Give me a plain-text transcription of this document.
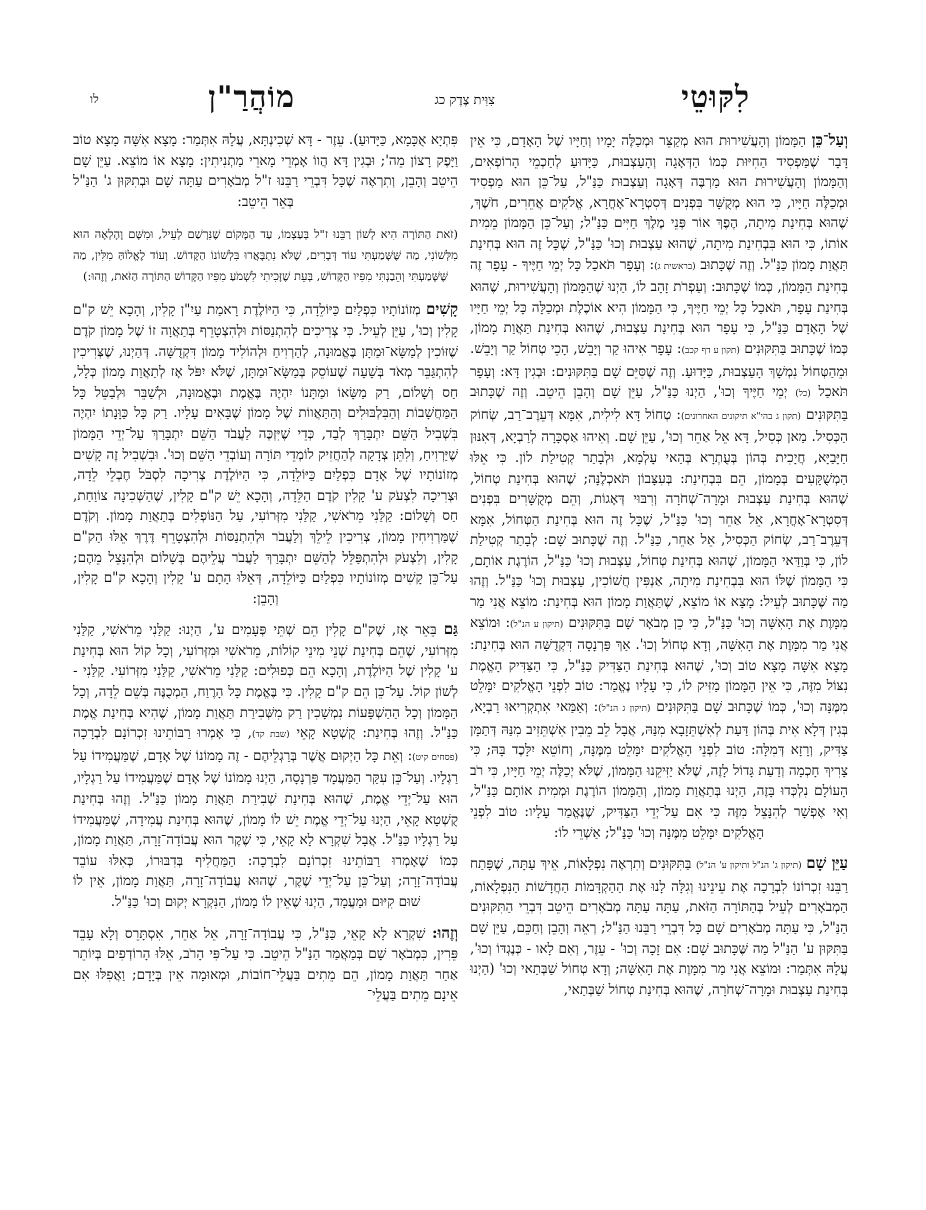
לִקּוּטֵי
צִוִּית צֶדֶק כג
מוֹהֲרַ"ן
לו

וְעַל־כֵּן הַמָּמוֹן וְהָעֲשִׁירוּת הוּא מְקַצֵּר וּמְכַלֶּה יָמָיו וְחַיָּיו שֶׁל הָאָדָם, כִּי אֵין דָּבָר שֶׁמַּפְסִיד הַחִיּוּת כְּמוֹ הַדְּאָגָה וְהָעַצְבוּת, כַּיָּדוּעַ לְחַכְמֵי הָרוֹפְאִים, וְהַמָּמוֹן וְהָעֲשִׁירוּת הוּא מַרְבֶּה דְּאָגָה וְעַצְבוּת כַּנַּ"ל, עַל־כֵּן הוּא מַפְסִיד וּמְכַלֶּה חַיָּיו, כִּי הוּא מְקֻשָּׁר בִּפְנִים דְּסִטְרָא־אָחֳרָא, אֱלֹקִים אֲחֵרִים, חֹשֶׁךְ, שֶׁהוּא בְּחִינַת מִיתָה, הֶפֶךְ אוֹר פְּנֵי מֶלֶךְ חַיִּים כַּנַּ"ל; וְעַל־כֵּן הַמָּמוֹן מֵמִית אוֹתוֹ, כִּי הוּא בִּבְחִינַת מִיתָה, שֶׁהוּא עַצְבוּת וְכוּ' כַּנַּ"ל, שֶׁכָּל זֶה הוּא בְּחִינַת תַּאֲוַת מָמוֹן כַּנַּ"ל. וְזֶה שֶׁכָּתוּב (בראשית ג): וְעָפָר תֹּאכַל כָּל יְמֵי חַיֶּיךָ - עָפָר זֶה בְּחִינַת הַמָּמוֹן, כְּמוֹ שֶׁכָּתוּב: וְעַפְרֹת זָהָב לוֹ, הַיְנוּ שֶׁהַמָּמוֹן וְהָעֲשִׁירוּת, שֶׁהוּא בְּחִינַת עָפָר, תֹּאכַל כָּל יְמֵי חַיֶּיךָ, כִּי הַמָּמוֹן הִיא אוֹכֶלֶת וּמְכַלָּה כָּל יְמֵי חַיָּיו שֶׁל הָאָדָם כַּנַּ"ל, כִּי עָפָר הוּא בְּחִינַת עַצְבוּת, שֶׁהוּא בְּחִינַת תַּאֲוַת מָמוֹן, כְּמוֹ שֶׁכָּתוּב בַּתִּקּוּנִים (תקון ע דף קכב): עָפָר אִיהוּ קַר וְיָבֵשׁ, הָכֵי טְחוֹל קַר וְיָבֵשׁ. וּמֵהַטְּחוֹל נִמְשָׁךְ הָעַצְבוּת, כַּיָּדוּעַ. וְזֶה שֶׁסִּיֵּם שָׁם בַּתִּקּוּנִים: וּבְגִין דָּא: וְעָפָר תֹּאכַל (כל) יְמֵי חַיֶּיךָ וְכוּ', הַיְנוּ כַּנַּ"ל, עַיֵּן שָׁם וְהָבֵן הֵיטֵב. וְזֶה שֶׁכָּתוּב בַּתִּקּוּנִים (תקון ג בהי"א תיקונים האחרונים): טְחוֹל דָּא לִילִית, אִמָּא דְּעֵרֶב־רַב, שְׂחוֹק הַכְּסִיל. מַאן כְּסִיל, דָּא אֵל אַחֵר וְכוּ', עַיֵּן שָׁם. וְאִיהוּ אַסְכָּרָה לְרַבְיָא, דְּאִנּוּן חַיָּבַיָּא, חֲיָכִית בְּהוֹן בְּעֻתְרָא בְּהַאי עָלְמָא, וּלְבָתַר קְטִילַת לוֹן. כִּי אֵלּוּ הַמְשֻׁקָּעִים בְּמָמוֹן, הֵם בִּבְחִינַת: בְּעִצָּבוֹן תֹּאכְלֶנָּה; שֶׁהוּא בְּחִינַת טְחוֹל, שֶׁהוּא בְּחִינַת עַצְבוּת וּמָרָה־שְׁחֹרָה וְרִבּוּי דְּאָגוֹת, וְהֵם מְקֻשָּׁרִים בִּפְנִים דְּסִטְרָא־אָחֳרָא, אֵל אַחֵר וְכוּ' כַּנַּ"ל, שֶׁכָּל זֶה הוּא בְּחִינַת הַטְּחוֹל, אִמָּא דְּעֵרֶב־רַב, שְׂחוֹק הַכְּסִיל, אֵל אַחֵר, כַּנַּ"ל. וְזֶה שֶׁכָּתוּב שָׁם: לְבָתַר קְטִילַת לוֹן, כִּי בְּוַדַּאי הַמָּמוֹן, שֶׁהוּא בְּחִינַת טְחוֹל, עַצְבוּת וְכוּ' כַּנַּ"ל, הוֹרֶגֶת אוֹתָם, כִּי הַמָּמוֹן שֶׁלּוֹ הוּא בִּבְחִינַת מִיתָה, אַנְפִּין חֲשׁוֹכִין, עַצְבוּת וְכוּ' כַּנַּ"ל. וְזֶהוּ מַה שֶּׁכָּתוּב לְעֵיל: מָצָא אוֹ מוֹצֵא, שֶׁתַּאֲוַת מָמוֹן הוּא בְּחִינַת: מוֹצֵא אֲנִי מַר מִמָּוֶת אֶת הָאִשָּׁה וְכוּ' כַּנַּ"ל, כִּי כֵן מְבֹאָר שָׁם בַּתִּקּוּנִים (תיקון ע הנ"ל): וּמוֹצֵא אֲנִי מַר מִמָּוֶת אֶת הָאִשָּׁה, וְדָא טְחוֹל וְכוּ'. אַךְ פַּרְנָסָה דִּקְדֻשָּׁה הוּא בְּחִינַת: מָצָא אִשָּׁה מָצָא טוֹב וְכוּ', שֶׁהוּא בְּחִינַת הַצַּדִּיק כַּנַּ"ל, כִּי הַצַּדִּיק הָאֱמֶת נִצּוֹל מִזֶּה, כִּי אֵין הַמָּמוֹן מַזִּיק לוֹ, כִּי עָלָיו נֶאֱמַר: טוֹב לִפְנֵי הָאֱלֹקִים יִמָּלֵט מִמֶּנָּה וְכוּ', כְּמוֹ שֶׁכָּתוּב שָׁם בַּתִּקּוּנִים (תיקון ג הנ"ל): וְאַמַּאי אִתְקְרִיאוּ רַבְיָא, בְּגִין דְּלָא אִית בְּהוֹן דַּעַת לְאִשְׁתֵּזָבָא מִנַּהּ, אֲבָל לֵב מֵבִין אִשְׁתֵּזִיב מִנַּהּ דְּתַמָּן צַדִּיק, וְרָזָא דְּמִלָּה: טוֹב לִפְנֵי הָאֱלֹקִים יִמָּלֵט מִמֶּנָּה, וְחוֹטֵא יִלָּכֶד בָּהּ; כִּי צָרִיךְ חָכְמָה וְדַעַת גָּדוֹל לָזֶה, שֶׁלֹּא יַזִּיקֵנוּ הַמָּמוֹן, שֶׁלֹּא יְכַלֶּה יְמֵי חַיָּיו, כִּי רֹב הָעוֹלָם נִלְכְּדוּ בָּזֶה, הַיְנוּ בְּתַאֲוַת מָמוֹן, וְהַמָּמוֹן הוֹרֶגֶת וּמְמִית אוֹתָם כַּנַּ"ל, וְאִי אֶפְשָׁר לְהִנָּצֵל מִזֶּה כִּי אִם עַל־יְדֵי הַצַּדִּיק, שֶׁנֶּאֱמַר עָלָיו: טוֹב לִפְנֵי הָאֱלֹקִים יִמָּלֵט מִמֶּנָּה וְכוּ' כַּנַּ"ל; אַשְׁרֵי לוֹ:

עַיֵּן שָׁם (תיקון ג' הנ"ל ותיקון ע' הנ"ל) בַּתִּקּוּנִים וְתִרְאֶה נִפְלָאוֹת, אֵיךְ עַתָּה, שֶׁפָּתַח רַבֵּנוּ זִכְרוֹנוֹ לִבְרָכָה אֶת עֵינֵינוּ וְגִלָּה לָנוּ אֶת הַהַקְדָּמוֹת הַחֲדָשׁוֹת הַנִּפְלָאוֹת, הַמְבֹאָרִים לְעֵיל בְּהַתּוֹרָה הַזֹּאת, עַתָּה עַתָּה מְבֹאָרִים הֵיטֵב דִּבְרֵי הַתִּקּוּנִים הַנַּ"ל, כִּי עַתָּה מְבֹאָרִים שָׁם כָּל דִּבְרֵי רַבֵּנוּ הַנַּ"ל; רְאֵה וְהָבֵן וְחַכֵּם, עַיֵּן שָׁם בַּתִּקּוּן ע' הַנַּ"ל מַה שֶּׁכָּתוּב שָׁם: אִם זָכָה וְכוּ' - עֵזֶר, וְאִם לָאו - כְּנֶגְדּוֹ וְכוּ', עֲלָהּ אִתְּמַר: וּמוֹצֵא אֲנִי מַר מִמָּוֶת אֶת הָאִשָּׁה; וְדָא טְחוֹל שַׁבְּתַאי וְכוּ' (הַיְנוּ בְּחִינַת עַצְבוּת וּמָרָה־שְׁחֹרָה, שֶׁהוּא בְּחִינַת טְחוֹל שַׁבְּתַאי,

פִּתְיָא אֻכָּמָא, כַּיָּדוּעַ). עֵזֶר - דָּא שְׁכִינְתָּא, עֲלָהּ אִתְּמַר: מָצָא אִשָּׁה מָצָא טוֹב וַיָּפֶק רָצוֹן מֵה'; וּבְגִין דָּא הֲווֹ אָמְרֵי מָארֵי מַתְנִיתִין: מָצָא אוֹ מוֹצֵא. עַיֵּן שָׁם הֵיטֵב וְהָבֵן, וְתִרְאֶה שֶׁכָּל דִּבְרֵי רַבֵּנוּ ז"ל מְבֹאָרִים עַתָּה שָׁם וּבְתִקּוּן ג' הַנַּ"ל בְּאֵר הֵיטֵב:

(זֹאת הַתּוֹרָה הִיא לְשׁוֹן רַבֵּנוּ ז"ל בְּעַצְמוֹ, עַד הַמָּקוֹם שֶׁנִּרְשַׁם לְעֵיל, וּמִשָּׁם וָהָלְאָה הוּא מִלְּשׁוֹנִי, מַה שֶּׁשָּׁמַעְתִּי עוֹד דְּבָרִים, שֶׁלֹּא נִתְבָּאֲרוּ בִּלְשׁוֹנוֹ הַקָּדוֹשׁ. וְעוֹד לֶאֱלוֹהַּ מִלִּין, מַה שֶּׁשָּׁמַעְתִּי וְהֵבַנְתִּי מִפִּיו הַקָּדוֹשׁ, בְּעֵת שֶׁזָּכִיתִי לִשְׁמֹעַ מִפִּיו הַקָּדוֹשׁ הַתּוֹרָה הַזֹּאת, וְזֶהוּ:)

קָשִׁים מְזוֹנוֹתָיו כִּפְלַיִם כַּיּוֹלֵדָה, כִּי הַיּוֹלֶדֶת רָאמַת עַיִ"ן קָלִין, וְהָכָא יֵשׁ ק"ם קָלִין וְכוּ', עַיֵּן לְעֵיל. כִּי צְרִיכִים לְהִתְנַסּוֹת וּלְהִצְטָרֵף בְּתַאֲוָה זוֹ שֶׁל מָמוֹן קֹדֶם שֶׁזּוֹכִין לְמַשָּׂא־וּמַתָּן בֶּאֱמוּנָה, לְהַרְוִיחַ וּלְהוֹלִיד מָמוֹן דִּקְדֻשָּׁה. דְּהַיְנוּ, שֶׁצְּרִיכִין לְהִתְגַּבֵּר מְאֹד בְּשָׁעָה שֶׁעוֹסֵק בְּמַשָּׂא־וּמַתָּן, שֶׁלֹּא יִפֹּל אָז לְתַאֲוַת מָמוֹן כְּלָל, חַס וְשָׁלוֹם, רַק מַשָּׂאוֹ וּמַתָּנוֹ יִהְיֶה בֶּאֱמֶת וּבֶאֱמוּנָה, וּלְשַׁבֵּר וּלְבַטֵּל כָּל הַמַּחֲשָׁבוֹת וְהַבִּלְבּוּלִים וְהַתַּאֲווֹת שֶׁל מָמוֹן שֶׁבָּאִים עָלָיו. רַק כָּל כַּוָּנָתוֹ יִהְיֶה בִּשְׁבִיל הַשֵּׁם יִתְבָּרַךְ לְבַד, כְּדֵי שֶׁיִּזְכֶּה לַעֲבֹד הַשֵּׁם יִתְבָּרַךְ עַל־יְדֵי הַמָּמוֹן שֶׁיַּרְוִיחַ, וְלִתֵּן צְדָקָה לְהַחֲזִיק לוֹמְדֵי תּוֹרָה וְעוֹבְדֵי הַשֵּׁם וְכוּ'. וּבִשְׁבִיל זֶה קָשִׁים מְזוֹנוֹתָיו שֶׁל אָדָם כִּפְלַיִם כַּיּוֹלֵדָה, כִּי הַיּוֹלֶדֶת צְרִיכָה לִסְבֹּל חֶבְלֵי לֵדָה, וּצְרִיכָה לִצְעֹק ע' קָלִין קֹדֶם הַלֵּדָה, וְהָכָא יֵשׁ ק"ם קָלִין, שֶׁהַשְּׁכִינָה צוֹוַחַת, חַס וְשָׁלוֹם: קַלַּנִי מֵרֹאשִׁי, קַלַּנִי מִזְּרוֹעִי, עַל הַנּוֹפְלִים בְּתַאֲוַת מָמוֹן. וְקֹדֶם שֶׁמַּרְוִיחִין מָמוֹן, צְרִיכִין לֵילֵךְ וְלַעֲבֹר וּלְהִתְנַסּוֹת וּלְהִצְטָרֵף דֶּרֶךְ אֵלּוּ הַק"ם קָלִין, וְלִצְעֹק וּלְהִתְפַּלֵּל לְהַשֵּׁם יִתְבָּרַךְ לַעֲבֹר עֲלֵיהֶם בְּשָׁלוֹם וּלְהִנָּצֵל מֵהֶם; עַל־כֵּן קָשִׁים מְזוֹנוֹתָיו כִּפְלַיִם כַּיּוֹלֵדָה, דְּאֵלּוּ הָתָם ע' קָלִין וְהָכָא ק"ם קָלִין, וְהָבֵן:

גַּם בֵּאֵר אָז, שֶׁק"ם קָלִין הֵם שְׁתֵּי פְּעָמִים ע', הַיְנוּ: קַלַּנִי מֵרֹאשִׁי, קַלַּנִי מִזְּרוֹעִי, שֶׁהֵם בְּחִינַת שְׁנֵי מִינֵי קוֹלוֹת, מֵרֹאשִׁי וּמִזְּרוֹעִי, וְכָל קוֹל הוּא בְּחִינַת ע' קָלִין שֶׁל הַיּוֹלֶדֶת, וְהָכָא הֵם כְּפוּלִים: קַלַּנִי מֵרֹאשִׁי, קַלַּנִי מִזְּרוֹעִי. קַלַּנִי - לְשׁוֹן קוֹל. עַל־כֵּן הֵם ק"ם קָלִין. כִּי בֶּאֱמֶת כָּל הָרֶוַח, הַמְכֻנֶּה בְּשֵׁם לֵדָה, וְכָל הַמָּמוֹן וְכָל הַהַשְׁפָּעוֹת נִמְשָׁכִין רַק מִשְּׁבִירַת תַּאֲוַת מָמוֹן, שֶׁהִיא בְּחִינַת אֱמֶת כַּנַּ"ל. וְזֶהוּ בְּחִינַת: קֻשְׁטָא קָאֵי (שבת קד), כִּי אָמְרוּ רַבּוֹתֵינוּ זִכְרוֹנָם לִבְרָכָה (פסחים קיט): וְאֵת כָּל הַיְקוּם אֲשֶׁר בְּרַגְלֵיהֶם - זֶה מָמוֹנוֹ שֶׁל אָדָם, שֶׁמַּעֲמִידוֹ עַל רַגְלָיו. וְעַל־כֵּן עִקַּר הַמַּעֲמָד פַּרְנָסָה, הַיְנוּ מָמוֹנוֹ שֶׁל אָדָם שֶׁמַּעֲמִידוֹ עַל רַגְלָיו, הוּא עַל־יְדֵי אֱמֶת, שֶׁהוּא בְּחִינַת שְׁבִירַת תַּאֲוַת מָמוֹן כַּנַּ"ל. וְזֶהוּ בְּחִינַת קֻשְׁטָא קָאֵי, הַיְנוּ עַל־יְדֵי אֱמֶת יֵשׁ לוֹ מָמוֹן, שֶׁהוּא בְּחִינַת עֲמִידָה, שֶׁמַּעֲמִידוֹ עַל רַגְלָיו כַּנַּ"ל. אֲבָל שִׁקְרָא לָא קָאֵי, כִּי שֶׁקֶר הוּא עֲבוֹדָה־זָרָה, תַּאֲוַת מָמוֹן, כְּמוֹ שֶׁאָמְרוּ רַבּוֹתֵינוּ זִכְרוֹנָם לִבְרָכָה: הַמַּחֲלִיף בְּדִבּוּרוֹ, כְּאִלּוּ עוֹבֵד עֲבוֹדָה־זָרָה; וְעַל־כֵּן עַל־יְדֵי שֶׁקֶר, שֶׁהוּא עֲבוֹדָה־זָרָה, תַּאֲוַת מָמוֹן, אֵין לוֹ שׁוּם קִיּוּם וּמַעֲמָד, הַיְנוּ שֶׁאֵין לוֹ מָמוֹן, הַנִּקְרָא יְקוּם וְכוּ' כַּנַּ"ל.

וְזֶהוּ: שִׁקְרָא לָא קָאֵי, כַּנַּ"ל, כִּי עֲבוֹדָה־זָרָה, אֵל אַחֵר, אִסְתָּרֵס וְלָא עָבֵד פֵּרִין, כִּמְבֹאָר שָׁם בְּמַאֲמַר הַנַּ"ל הֵיטֵב. כִּי עַל־פִּי הָרֹב, אֵלּוּ הָרוֹדְפִים בְּיוֹתֵר אַחַר תַּאֲוַת מָמוֹן, הֵם מֵתִים בַּעֲלֵי־חוֹבוֹת, וּמְאוּמָה אֵין בְּיָדָם; וַאֲפִלּוּ אִם אֵינָם מֵתִים בַּעֲלֵי־
